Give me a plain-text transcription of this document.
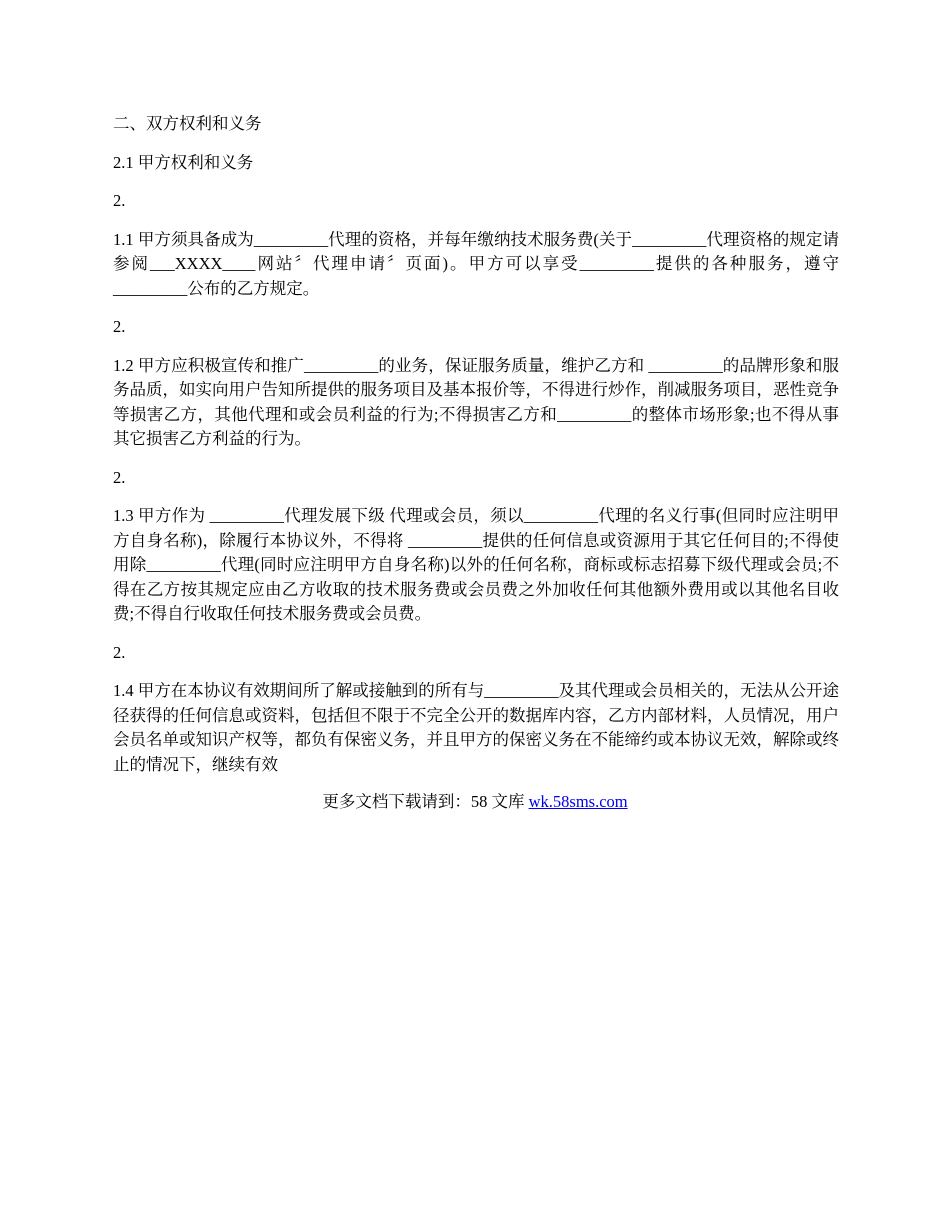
二、双方权利和义务

2.1 甲方权利和义务

2.

1.1 甲方须具备成为_________代理的资格，并每年缴纳技术服务费(关于_________代理资格的规定请参阅___XXXX____网站〞代理申请〞页面)。甲方可以享受_________提供的各种服务，遵守_________公布的乙方规定。

2.

1.2 甲方应积极宣传和推广_________的业务，保证服务质量，维护乙方和 _________的品牌形象和服务品质，如实向用户告知所提供的服务项目及基本报价等，不得进行炒作，削减服务项目，恶性竞争等损害乙方，其他代理和或会员利益的行为;不得损害乙方和_________的整体市场形象;也不得从事其它损害乙方利益的行为。

2.

1.3 甲方作为 _________代理发展下级 代理或会员，须以_________代理的名义行事(但同时应注明甲方自身名称)，除履行本协议外，不得将 _________提供的任何信息或资源用于其它任何目的;不得使用除_________代理(同时应注明甲方自身名称)以外的任何名称，商标或标志招募下级代理或会员;不得在乙方按其规定应由乙方收取的技术服务费或会员费之外加收任何其他额外费用或以其他名目收费;不得自行收取任何技术服务费或会员费。

2.

1.4 甲方在本协议有效期间所了解或接触到的所有与_________及其代理或会员相关的，无法从公开途径获得的任何信息或资料，包括但不限于不完全公开的数据库内容，乙方内部材料，人员情况，用户会员名单或知识产权等，都负有保密义务，并且甲方的保密义务在不能缔约或本协议无效，解除或终止的情况下，继续有效

更多文档下载请到：58 文库 wk.58sms.com
